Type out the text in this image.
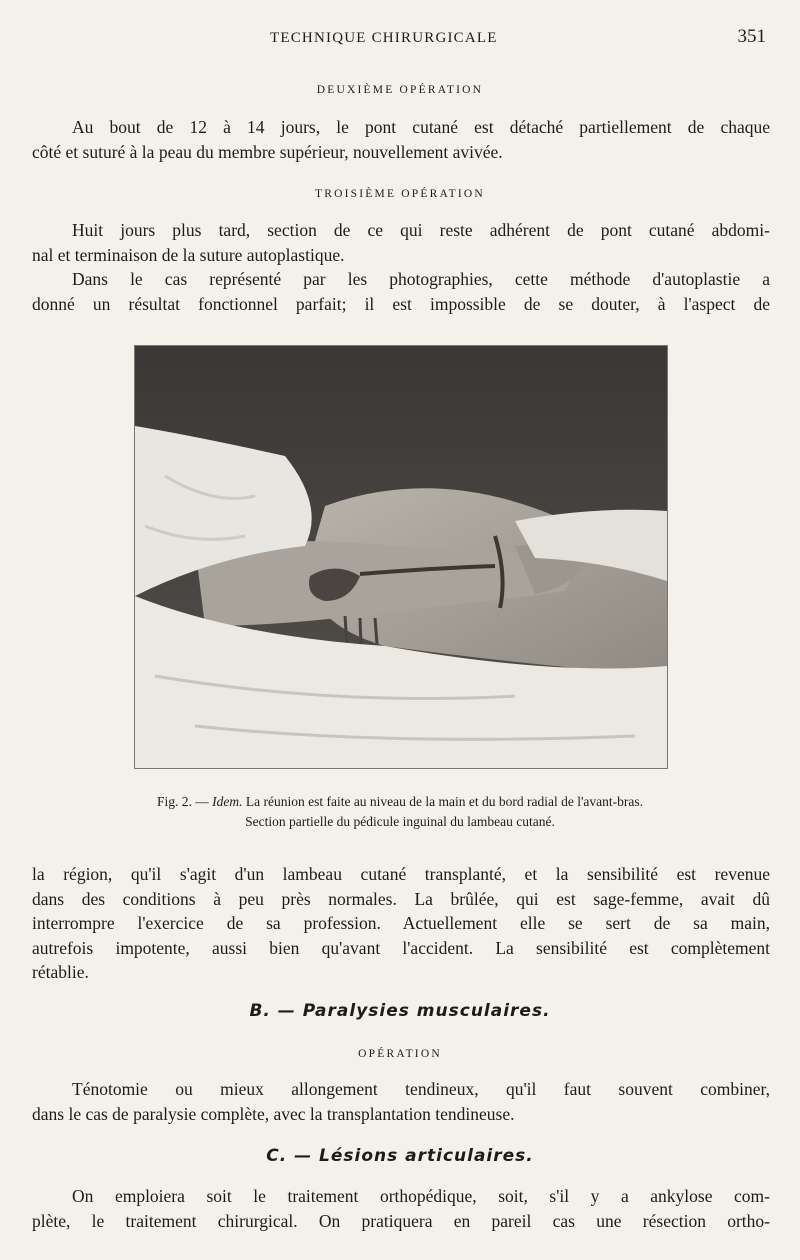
TECHNIQUE CHIRURGICALE	351
DEUXIÈME OPÉRATION
Au bout de 12 à 14 jours, le pont cutané est détaché partiellement de chaque
côté et suturé à la peau du membre supérieur, nouvellement avivée.
TROISIÈME OPÉRATION
Huit jours plus tard, section de ce qui reste adhérent de pont cutané abdomi-
nal et terminaison de la suture autoplastique.
Dans le cas représenté par les photographies, cette méthode d'autoplastie a
donné un résultat fonctionnel parfait; il est impossible de se douter, à l'aspect de
Fig. 2. — Idem. La réunion est faite au niveau de la main et du bord radial de l'avant-bras.
Section partielle du pédicule inguinal du lambeau cutané.
la région, qu'il s'agit d'un lambeau cutané transplanté, et la sensibilité est revenue
dans des conditions à peu près normales. La brûlée, qui est sage-femme, avait dû
interrompre l'exercice de sa profession. Actuellement elle se sert de sa main,
autrefois impotente, aussi bien qu'avant l'accident. La sensibilité est complètement
rétablie.
B. — Paralysies musculaires.
OPÉRATION
Ténotomie ou mieux allongement tendineux, qu'il faut souvent combiner,
dans le cas de paralysie complète, avec la transplantation tendineuse.
C. — Lésions articulaires.
On emploiera soit le traitement orthopédique, soit, s'il y a ankylose com-
plète, le traitement chirurgical. On pratiquera en pareil cas une résection ortho-
